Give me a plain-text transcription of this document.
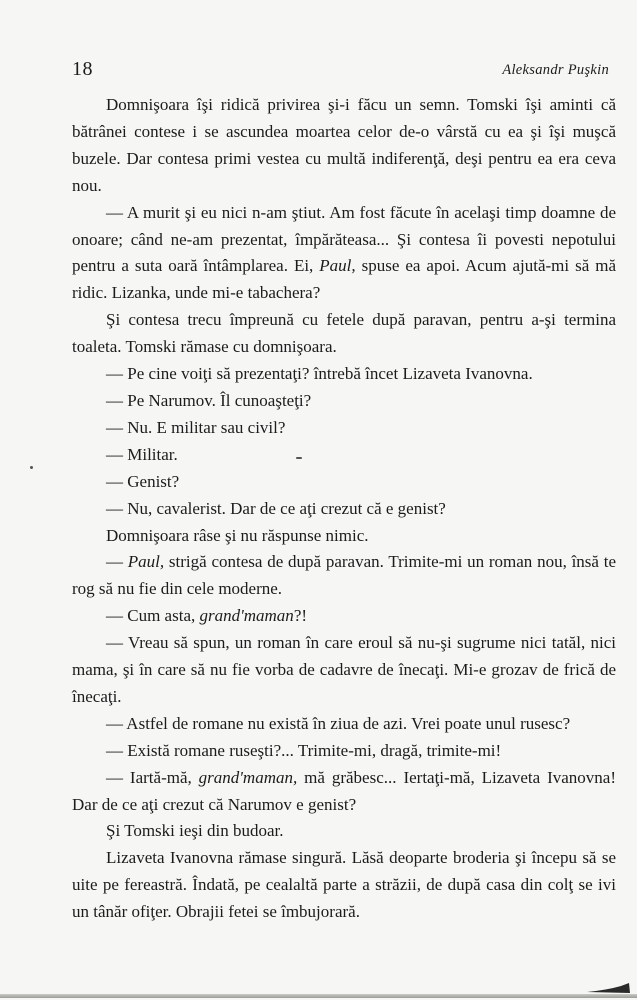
18	Aleksandr Puşkin

Domnişoara îşi ridică privirea şi-i făcu un semn. Tomski îşi aminti că bătrânei contese i se ascundea moartea celor de-o vârstă cu ea şi îşi muşcă buzele. Dar contesa primi vestea cu multă indiferenţă, deşi pentru ea era ceva nou.

— A murit şi eu nici n-am ştiut. Am fost făcute în acelaşi timp doamne de onoare; când ne-am prezentat, împărăteasa... Şi contesa îi povesti nepotului pentru a suta oară întâmplarea. Ei, Paul, spuse ea apoi. Acum ajută-mi să mă ridic. Lizanka, unde mi-e tabachera?

Şi contesa trecu împreună cu fetele după paravan, pentru a-şi termina toaleta. Tomski rămase cu domnişoara.

— Pe cine voiţi să prezentaţi? întrebă încet Lizaveta Ivanovna.

— Pe Narumov. Îl cunoaşteţi?

— Nu. E militar sau civil?

— Militar.

— Genist?

— Nu, cavalerist. Dar de ce aţi crezut că e genist?

Domnişoara râse şi nu răspunse nimic.

— Paul, strigă contesa de după paravan. Trimite-mi un roman nou, însă te rog să nu fie din cele moderne.

— Cum asta, grand'maman?!

— Vreau să spun, un roman în care eroul să nu-şi sugrume nici tatăl, nici mama, şi în care să nu fie vorba de cadavre de înecaţi. Mi-e grozav de frică de înecaţi.

— Astfel de romane nu există în ziua de azi. Vrei poate unul rusesc?

— Există romane ruseşti?... Trimite-mi, dragă, trimite-mi!

— Iartă-mă, grand'maman, mă grăbesc... Iertaţi-mă, Lizaveta Ivanovna! Dar de ce aţi crezut că Narumov e genist?

Şi Tomski ieşi din budoar.

Lizaveta Ivanovna rămase singură. Lăsă deoparte broderia şi începu să se uite pe fereastră. Îndată, pe cealaltă parte a străzii, de după casa din colţ se ivi un tânăr ofiţer. Obrajii fetei se îmbujorară.
